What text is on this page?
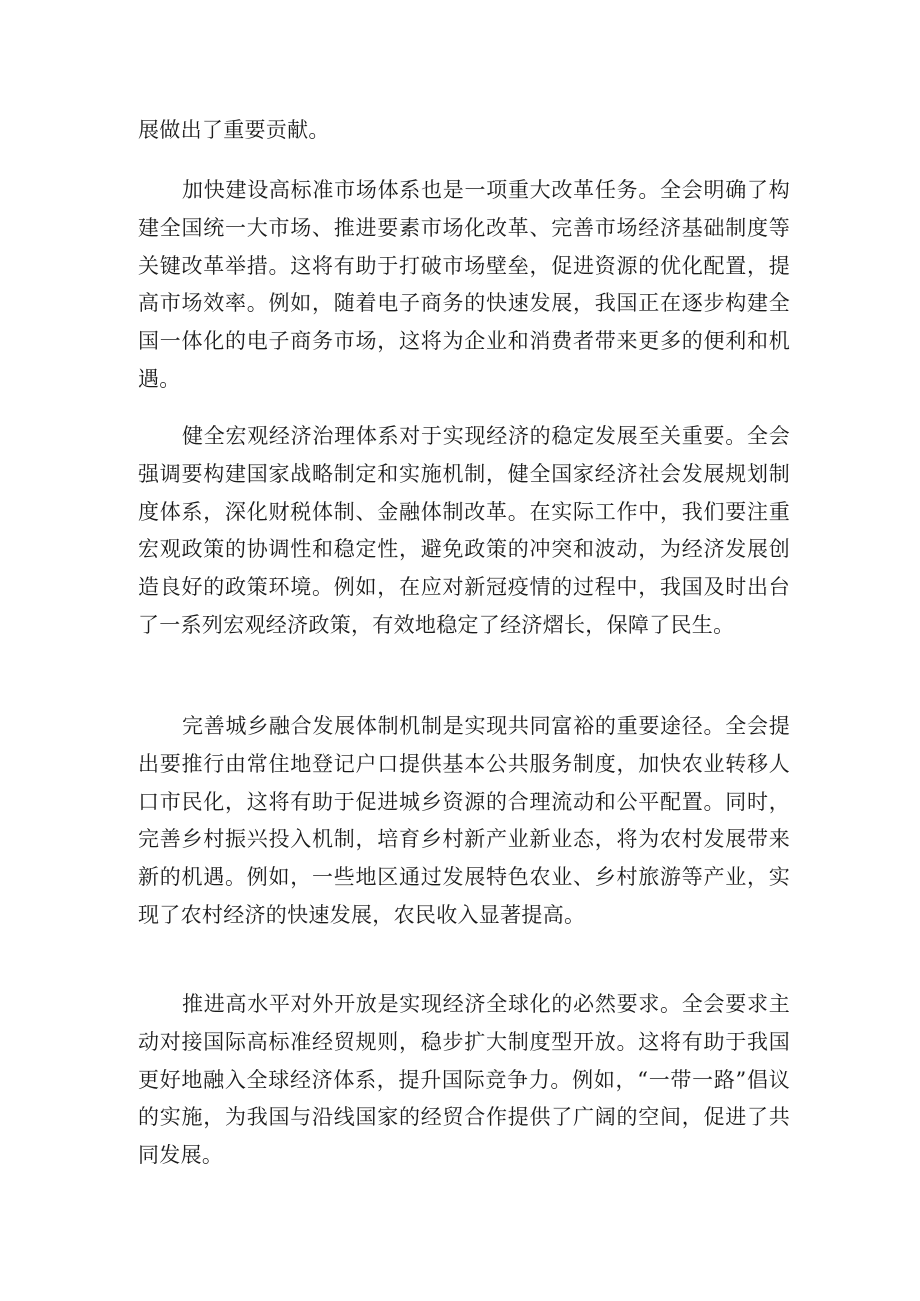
展做出了重要贡献。

加快建设高标准市场体系也是一项重大改革任务。全会明确了构建全国统一大市场、推进要素市场化改革、完善市场经济基础制度等关键改革举措。这将有助于打破市场壁垒，促进资源的优化配置，提高市场效率。例如，随着电子商务的快速发展，我国正在逐步构建全国一体化的电子商务市场，这将为企业和消费者带来更多的便利和机遇。

健全宏观经济治理体系对于实现经济的稳定发展至关重要。全会强调要构建国家战略制定和实施机制，健全国家经济社会发展规划制度体系，深化财税体制、金融体制改革。在实际工作中，我们要注重宏观政策的协调性和稳定性，避免政策的冲突和波动，为经济发展创造良好的政策环境。例如，在应对新冠疫情的过程中，我国及时出台了一系列宏观经济政策，有效地稳定了经济熠长，保障了民生。

完善城乡融合发展体制机制是实现共同富裕的重要途径。全会提出要推行由常住地登记户口提供基本公共服务制度，加快农业转移人口市民化，这将有助于促进城乡资源的合理流动和公平配置。同时，完善乡村振兴投入机制，培育乡村新产业新业态，将为农村发展带来新的机遇。例如，一些地区通过发展特色农业、乡村旅游等产业，实现了农村经济的快速发展，农民收入显著提高。

推进高水平对外开放是实现经济全球化的必然要求。全会要求主动对接国际高标准经贸规则，稳步扩大制度型开放。这将有助于我国更好地融入全球经济体系，提升国际竞争力。例如，“一带一路”倡议的实施，为我国与沿线国家的经贸合作提供了广阔的空间，促进了共同发展。
